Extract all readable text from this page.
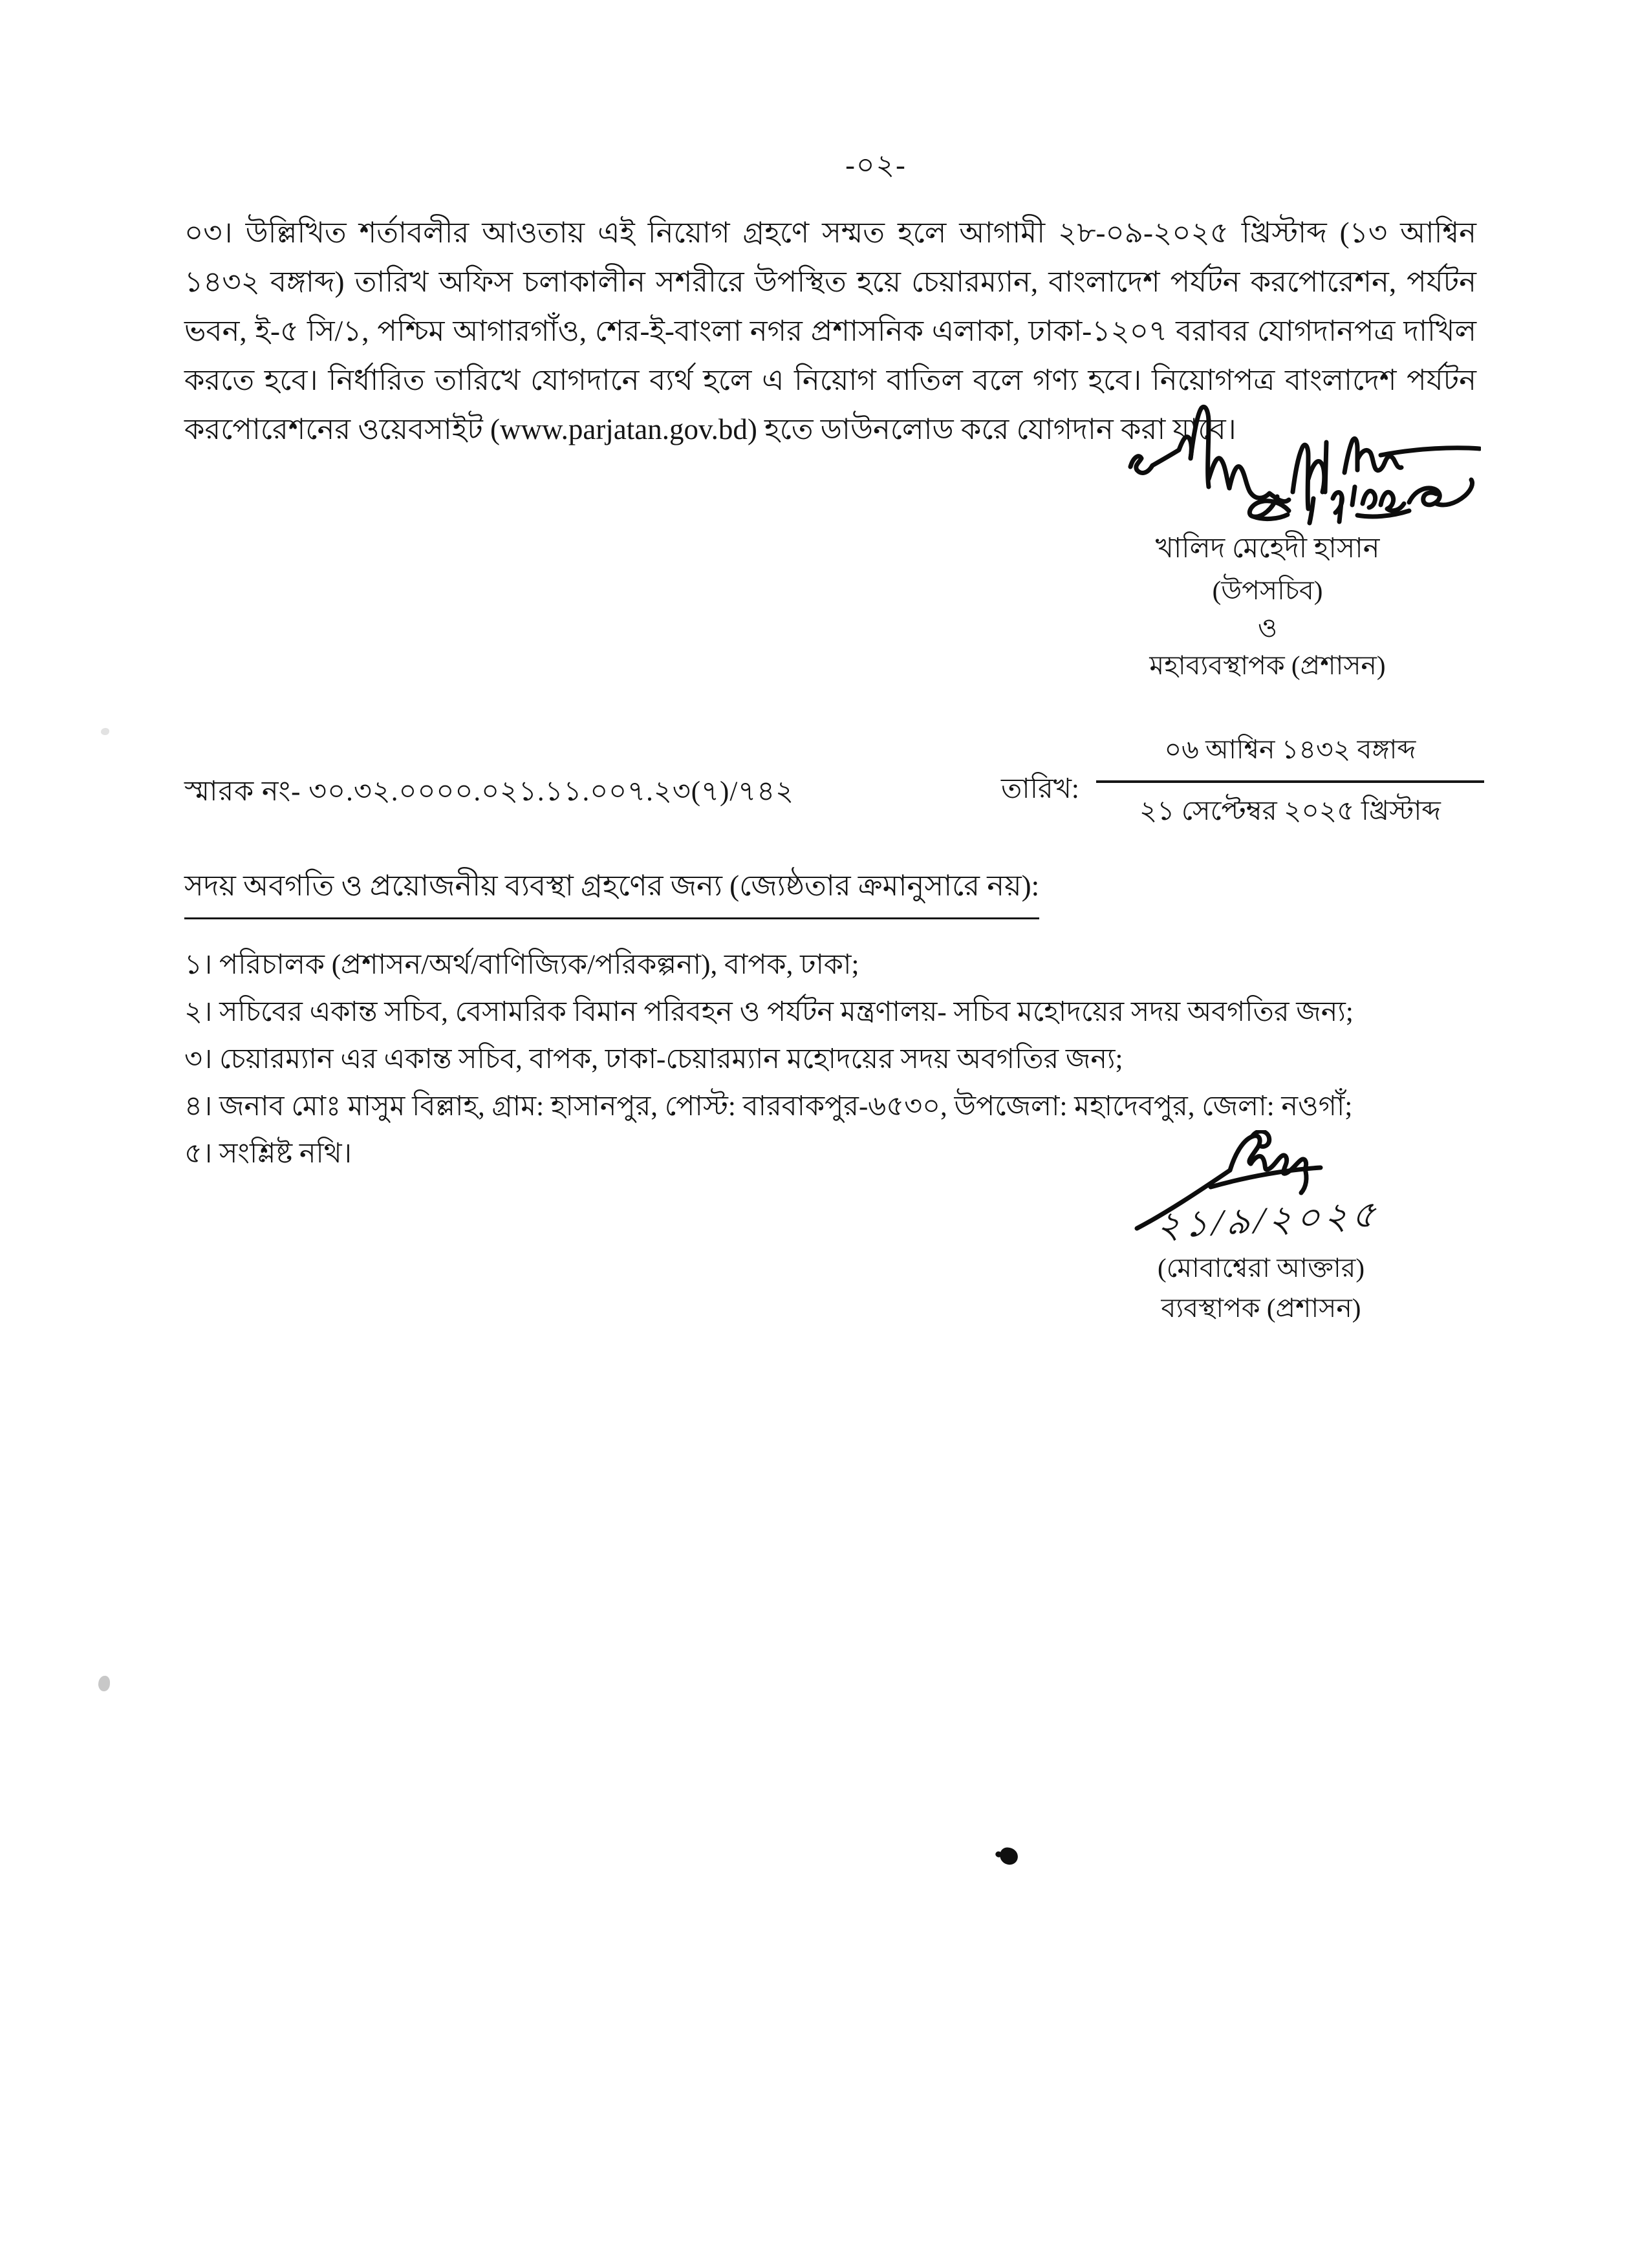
-০২-

০৩। উল্লিখিত শর্তাবলীর আওতায় এই নিয়োগ গ্রহণে সম্মত হলে আগামী ২৮-০৯-২০২৫ খ্রিস্টাব্দ (১৩ আশ্বিন ১৪৩২ বঙ্গাব্দ) তারিখ অফিস চলাকালীন সশরীরে উপস্থিত হয়ে চেয়ারম্যান, বাংলাদেশ পর্যটন করপোরেশন, পর্যটন ভবন, ই-৫ সি/১, পশ্চিম আগারগাঁও, শের-ই-বাংলা নগর প্রশাসনিক এলাকা, ঢাকা-১২০৭ বরাবর যোগদানপত্র দাখিল করতে হবে। নির্ধারিত তারিখে যোগদানে ব্যর্থ হলে এ নিয়োগ বাতিল বলে গণ্য হবে। নিয়োগপত্র বাংলাদেশ পর্যটন করপোরেশনের ওয়েবসাইট (www.parjatan.gov.bd) হতে ডাউনলোড করে যোগদান করা যাবে।

খালিদ মেহেদী হাসান
(উপসচিব)
ও
মহাব্যবস্থাপক (প্রশাসন)
স্মারক নং- ৩০.৩২.০০০০.০২১.১১.০০৭.২৩(৭)/৭৪২	তারিখ: $\frac{\text{০৬ আশ্বিন ১৪৩২ বঙ্গাব্দ}}{\text{২১ সেপ্টেম্বর ২০২৫ খ্রিস্টাব্দ}}$

সদয় অবগতি ও প্রয়োজনীয় ব্যবস্থা গ্রহণের জন্য (জ্যেষ্ঠতার ক্রমানুসারে নয়):

১। পরিচালক (প্রশাসন/অর্থ/বাণিজ্যিক/পরিকল্পনা), বাপক, ঢাকা;
২। সচিবের একান্ত সচিব, বেসামরিক বিমান পরিবহন ও পর্যটন মন্ত্রণালয়- সচিব মহোদয়ের সদয় অবগতির জন্য;
৩। চেয়ারম্যান এর একান্ত সচিব, বাপক, ঢাকা-চেয়ারম্যান মহোদয়ের সদয় অবগতির জন্য;
৪। জনাব মোঃ মাসুম বিল্লাহ, গ্রাম: হাসানপুর, পোস্ট: বারবাকপুর-৬৫৩০, উপজেলা: মহাদেবপুর, জেলা: নওগাঁ;
৫। সংশ্লিষ্ট নথি।
২১/৯/২০২৫
(মোবাশ্বেরা আক্তার)
ব্যবস্থাপক (প্রশাসন)
